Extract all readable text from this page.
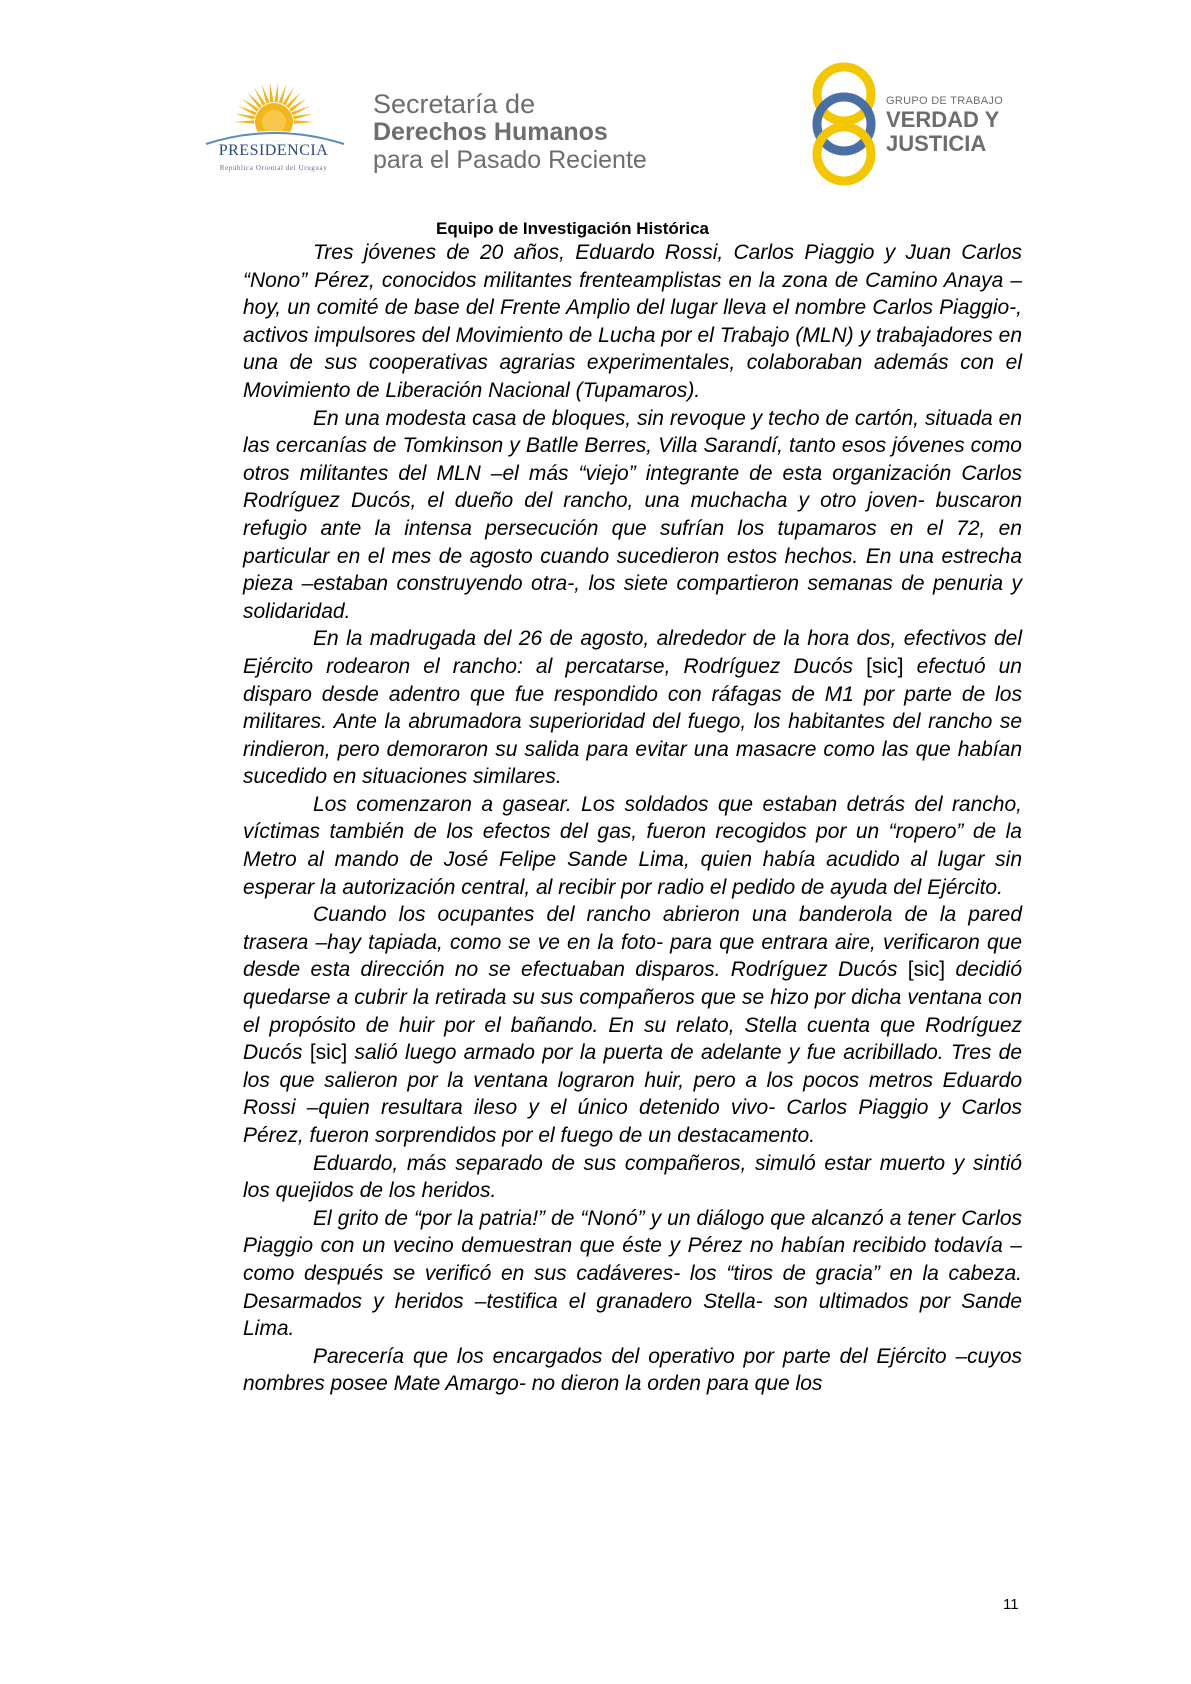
PRESIDENCIA
República Oriental del Uruguay
Secretaría de
Derechos Humanos
para el Pasado Reciente
GRUPO DE TRABAJO
VERDAD Y
JUSTICIA
Equipo de Investigación Histórica

Tres jóvenes de 20 años, Eduardo Rossi, Carlos Piaggio y Juan Carlos “Nono” Pérez, conocidos militantes frenteamplistas en la zona de Camino Anaya –hoy, un comité de base del Frente Amplio del lugar lleva el nombre Carlos Piaggio-, activos impulsores del Movimiento de Lucha por el Trabajo (MLN) y trabajadores en una de sus cooperativas agrarias experimentales, colaboraban además con el Movimiento de Liberación Nacional (Tupamaros).

En una modesta casa de bloques, sin revoque y techo de cartón, situada en las cercanías de Tomkinson y Batlle Berres, Villa Sarandí, tanto esos jóvenes como otros militantes del MLN –el más “viejo” integrante de esta organización Carlos Rodríguez Ducós, el dueño del rancho, una muchacha y otro joven- buscaron refugio ante la intensa persecución que sufrían los tupamaros en el 72, en particular en el mes de agosto cuando sucedieron estos hechos. En una estrecha pieza –estaban construyendo otra-, los siete compartieron semanas de penuria y solidaridad.

En la madrugada del 26 de agosto, alrededor de la hora dos, efectivos del Ejército rodearon el rancho: al percatarse, Rodríguez Ducós [sic] efectuó un disparo desde adentro que fue respondido con ráfagas de M1 por parte de los militares. Ante la abrumadora superioridad del fuego, los habitantes del rancho se rindieron, pero demoraron su salida para evitar una masacre como las que habían sucedido en situaciones similares.

Los comenzaron a gasear. Los soldados que estaban detrás del rancho, víctimas también de los efectos del gas, fueron recogidos por un “ropero” de la Metro al mando de José Felipe Sande Lima, quien había acudido al lugar sin esperar la autorización central, al recibir por radio el pedido de ayuda del Ejército.

Cuando los ocupantes del rancho abrieron una banderola de la pared trasera –hay tapiada, como se ve en la foto- para que entrara aire, verificaron que desde esta dirección no se efectuaban disparos. Rodríguez Ducós [sic] decidió quedarse a cubrir la retirada su sus compañeros que se hizo por dicha ventana con el propósito de huir por el bañando. En su relato, Stella cuenta que Rodríguez Ducós [sic] salió luego armado por la puerta de adelante y fue acribillado. Tres de los que salieron por la ventana lograron huir, pero a los pocos metros Eduardo Rossi –quien resultara ileso y el único detenido vivo- Carlos Piaggio y Carlos Pérez, fueron sorprendidos por el fuego de un destacamento.

Eduardo, más separado de sus compañeros, simuló estar muerto y sintió los quejidos de los heridos.

El grito de “por la patria!” de “Nonó” y un diálogo que alcanzó a tener Carlos Piaggio con un vecino demuestran que éste y Pérez no habían recibido todavía –como después se verificó en sus cadáveres- los “tiros de gracia” en la cabeza. Desarmados y heridos –testifica el granadero Stella- son ultimados por Sande Lima.

Parecería que los encargados del operativo por parte del Ejército –cuyos nombres posee Mate Amargo- no dieron la orden para que los

11
